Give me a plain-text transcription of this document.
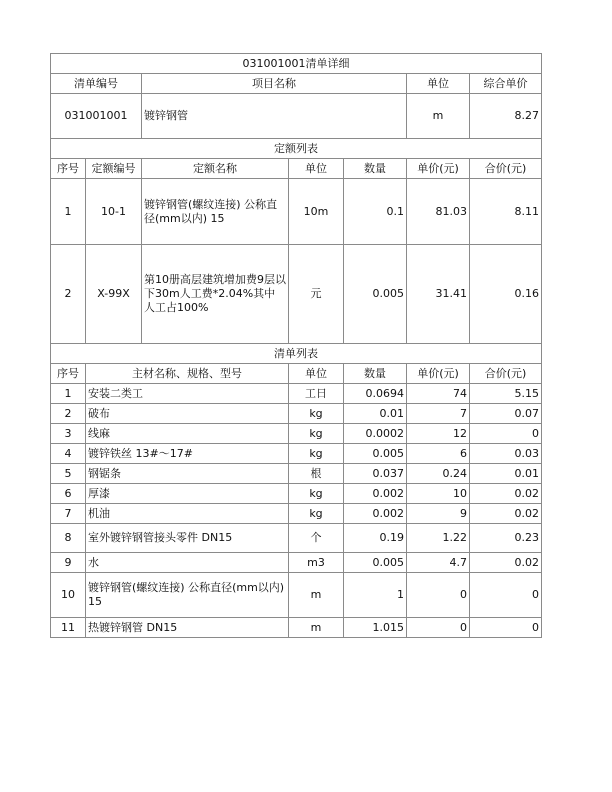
031001001清单详细						
清单编号		项目名称			单位	综合单价
031001001		镀锌钢管			m	8.27
定额列表						
序号	定额编号	定额名称	单位	数量	单价(元)	合价(元)
1	10-1	镀锌钢管(螺纹连接) 公称直径(mm以内) 15	10m	0.1	81.03	8.11
2	X-99X	第10册高层建筑增加费9层以下30m人工费*2.04%其中人工占100%	元	0.005	31.41	0.16
清单列表						
序号	主材名称、规格、型号		单位	数量	单价(元)	合价(元)
1	安装二类工		工日	0.0694	74	5.15
2	破布		kg	0.01	7	0.07
3	线麻		kg	0.0002	12	0
4	镀锌铁丝 13#～17#		kg	0.005	6	0.03
5	钢锯条		根	0.037	0.24	0.01
6	厚漆		kg	0.002	10	0.02
7	机油		kg	0.002	9	0.02
8	室外镀锌钢管接头零件 DN15		个	0.19	1.22	0.23
9	水		m3	0.005	4.7	0.02
10	镀锌钢管(螺纹连接) 公称直径(mm以内) 15		m	1	0	0
11	热镀锌钢管 DN15		m	1.015	0	0
